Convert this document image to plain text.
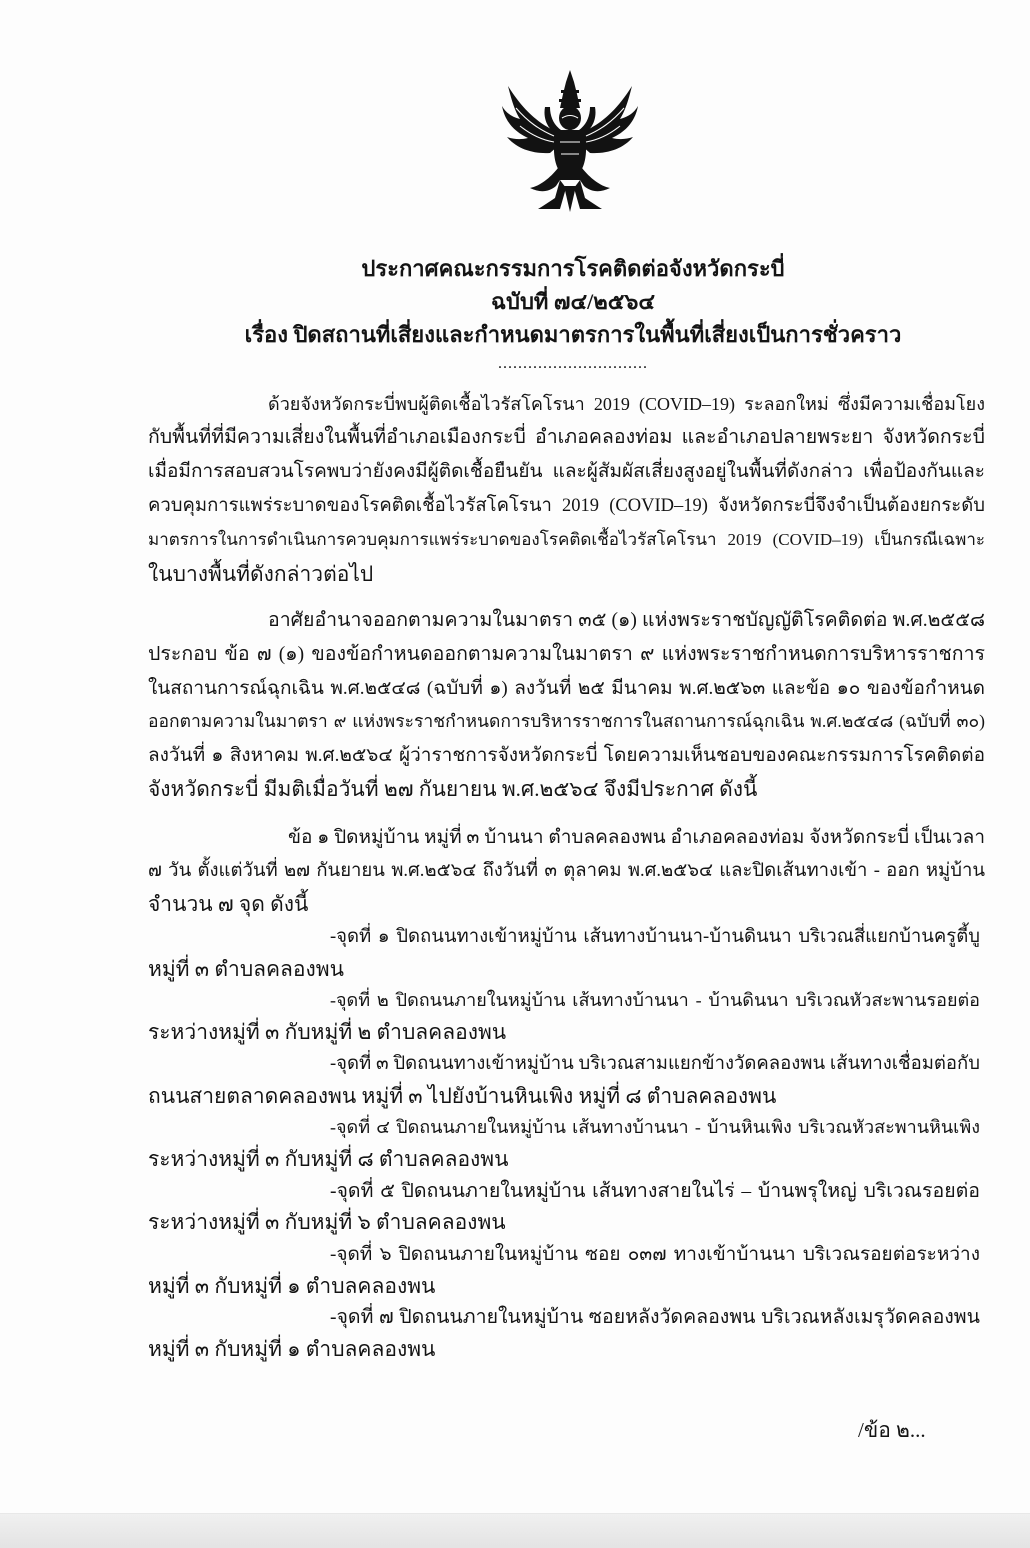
ประกาศคณะกรรมการโรคติดต่อจังหวัดกระบี่
ฉบับที่ ๗๔/๒๕๖๔
เรื่อง ปิดสถานที่เสี่ยงและกำหนดมาตรการในพื้นที่เสี่ยงเป็นการชั่วคราว
..............................
ด้วยจังหวัดกระบี่พบผู้ติดเชื้อไวรัสโคโรนา 2019 (COVID–19) ระลอกใหม่ ซึ่งมีความเชื่อมโยง
กับพื้นที่ที่มีความเสี่ยงในพื้นที่อำเภอเมืองกระบี่ อำเภอคลองท่อม และอำเภอปลายพระยา จังหวัดกระบี่
เมื่อมีการสอบสวนโรคพบว่ายังคงมีผู้ติดเชื้อยืนยัน และผู้สัมผัสเสี่ยงสูงอยู่ในพื้นที่ดังกล่าว เพื่อป้องกันและ
ควบคุมการแพร่ระบาดของโรคติดเชื้อไวรัสโคโรนา 2019 (COVID–19) จังหวัดกระบี่จึงจำเป็นต้องยกระดับ
มาตรการในการดำเนินการควบคุมการแพร่ระบาดของโรคติดเชื้อไวรัสโคโรนา 2019 (COVID–19) เป็นกรณีเฉพาะ
ในบางพื้นที่ดังกล่าวต่อไป
อาศัยอำนาจออกตามความในมาตรา ๓๕ (๑) แห่งพระราชบัญญัติโรคติดต่อ พ.ศ.๒๕๕๘
ประกอบ ข้อ ๗ (๑) ของข้อกำหนดออกตามความในมาตรา ๙ แห่งพระราชกำหนดการบริหารราชการ
ในสถานการณ์ฉุกเฉิน พ.ศ.๒๕๔๘ (ฉบับที่ ๑) ลงวันที่ ๒๕ มีนาคม พ.ศ.๒๕๖๓ และข้อ ๑๐ ของข้อกำหนด
ออกตามความในมาตรา ๙ แห่งพระราชกำหนดการบริหารราชการในสถานการณ์ฉุกเฉิน พ.ศ.๒๕๔๘ (ฉบับที่ ๓๐)
ลงวันที่ ๑ สิงหาคม พ.ศ.๒๕๖๔ ผู้ว่าราชการจังหวัดกระบี่ โดยความเห็นชอบของคณะกรรมการโรคติดต่อ
จังหวัดกระบี่ มีมติเมื่อวันที่ ๒๗ กันยายน พ.ศ.๒๕๖๔ จึงมีประกาศ ดังนี้
ข้อ ๑ ปิดหมู่บ้าน หมู่ที่ ๓ บ้านนา ตำบลคลองพน อำเภอคลองท่อม จังหวัดกระบี่ เป็นเวลา
๗ วัน ตั้งแต่วันที่ ๒๗ กันยายน พ.ศ.๒๕๖๔ ถึงวันที่ ๓ ตุลาคม พ.ศ.๒๕๖๔ และปิดเส้นทางเข้า - ออก หมู่บ้าน
จำนวน ๗ จุด ดังนี้
-จุดที่ ๑ ปิดถนนทางเข้าหมู่บ้าน เส้นทางบ้านนา-บ้านดินนา บริเวณสี่แยกบ้านครูตี้บู
หมู่ที่ ๓ ตำบลคลองพน
-จุดที่ ๒ ปิดถนนภายในหมู่บ้าน เส้นทางบ้านนา - บ้านดินนา บริเวณหัวสะพานรอยต่อ
ระหว่างหมู่ที่ ๓ กับหมู่ที่ ๒ ตำบลคลองพน
-จุดที่ ๓ ปิดถนนทางเข้าหมู่บ้าน บริเวณสามแยกข้างวัดคลองพน เส้นทางเชื่อมต่อกับ
ถนนสายตลาดคลองพน หมู่ที่ ๓ ไปยังบ้านหินเพิง หมู่ที่ ๘ ตำบลคลองพน
-จุดที่ ๔ ปิดถนนภายในหมู่บ้าน เส้นทางบ้านนา - บ้านหินเพิง บริเวณหัวสะพานหินเพิง
ระหว่างหมู่ที่ ๓ กับหมู่ที่ ๘ ตำบลคลองพน
-จุดที่ ๕ ปิดถนนภายในหมู่บ้าน เส้นทางสายในไร่ – บ้านพรุใหญ่ บริเวณรอยต่อ
ระหว่างหมู่ที่ ๓ กับหมู่ที่ ๖ ตำบลคลองพน
-จุดที่ ๖ ปิดถนนภายในหมู่บ้าน ซอย ๐๓๗ ทางเข้าบ้านนา บริเวณรอยต่อระหว่าง
หมู่ที่ ๓ กับหมู่ที่ ๑ ตำบลคลองพน
-จุดที่ ๗ ปิดถนนภายในหมู่บ้าน ซอยหลังวัดคลองพน บริเวณหลังเมรุวัดคลองพน
หมู่ที่ ๓ กับหมู่ที่ ๑ ตำบลคลองพน
/ข้อ ๒...
